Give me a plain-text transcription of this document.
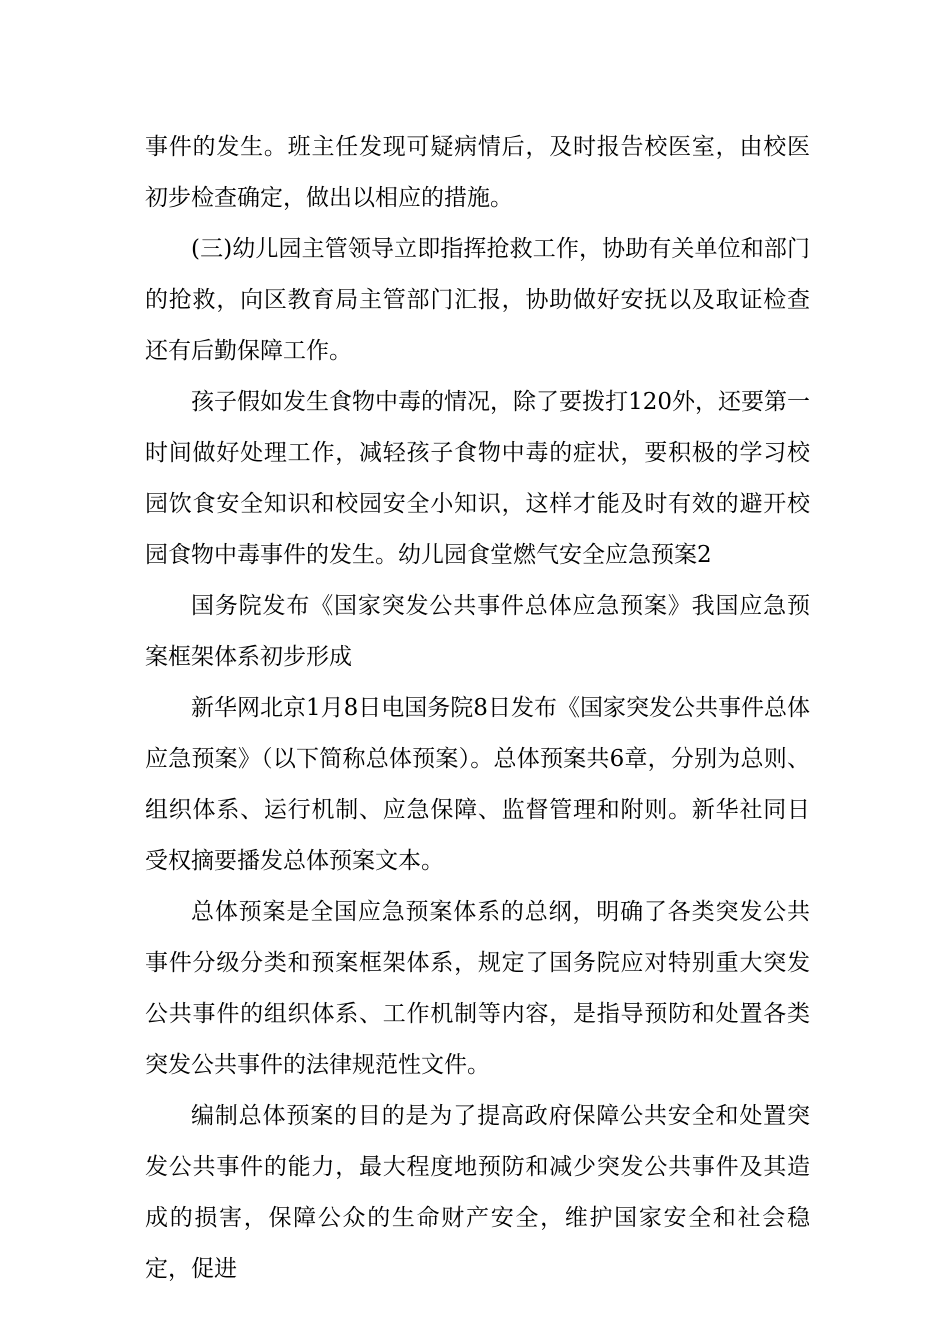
事件的发生。班主任发现可疑病情后，及时报告校医室，由校医初步检查确定，做出以相应的措施。

(三)幼儿园主管领导立即指挥抢救工作，协助有关单位和部门的抢救，向区教育局主管部门汇报，协助做好安抚以及取证检查还有后勤保障工作。

孩子假如发生食物中毒的情况，除了要拨打120外，还要第一时间做好处理工作，减轻孩子食物中毒的症状，要积极的学习校园饮食安全知识和校园安全小知识，这样才能及时有效的避开校园食物中毒事件的发生。幼儿园食堂燃气安全应急预案2

国务院发布《国家突发公共事件总体应急预案》我国应急预案框架体系初步形成

新华网北京1月8日电国务院8日发布《国家突发公共事件总体应急预案》（以下简称总体预案）。总体预案共6章，分别为总则、组织体系、运行机制、应急保障、监督管理和附则。新华社同日受权摘要播发总体预案文本。

总体预案是全国应急预案体系的总纲，明确了各类突发公共事件分级分类和预案框架体系，规定了国务院应对特别重大突发公共事件的组织体系、工作机制等内容，是指导预防和处置各类突发公共事件的法律规范性文件。

编制总体预案的目的是为了提高政府保障公共安全和处置突发公共事件的能力，最大程度地预防和减少突发公共事件及其造成的损害，保障公众的生命财产安全，维护国家安全和社会稳定，促进
